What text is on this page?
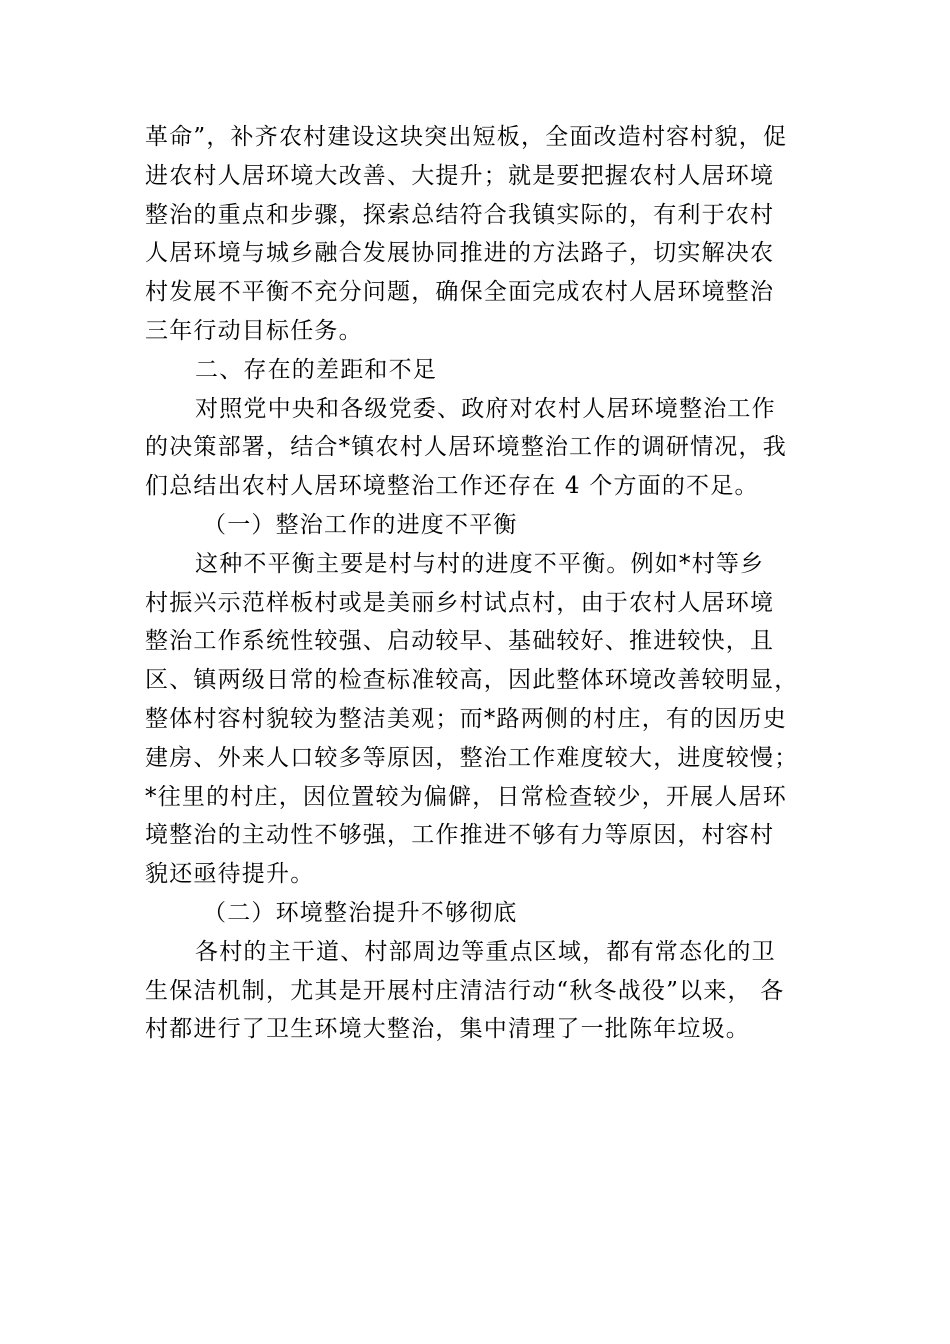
革命”，补齐农村建设这块突出短板，全面改造村容村貌，促
进农村人居环境大改善、大提升；就是要把握农村人居环境
整治的重点和步骤，探索总结符合我镇实际的，有利于农村
人居环境与城乡融合发展协同推进的方法路子，切实解决农
村发展不平衡不充分问题，确保全面完成农村人居环境整治
三年行动目标任务。
二、存在的差距和不足
对照党中央和各级党委、政府对农村人居环境整治工作
的决策部署，结合*镇农村人居环境整治工作的调研情况，我
们总结出农村人居环境整治工作还存在 4 个方面的不足。
（一）整治工作的进度不平衡
这种不平衡主要是村与村的进度不平衡。例如*村等乡
村振兴示范样板村或是美丽乡村试点村，由于农村人居环境
整治工作系统性较强、启动较早、基础较好、推进较快，且
区、镇两级日常的检查标准较高，因此整体环境改善较明显，
整体村容村貌较为整洁美观；而*路两侧的村庄，有的因历史
建房、外来人口较多等原因，整治工作难度较大，进度较慢；
*往里的村庄，因位置较为偏僻，日常检查较少，开展人居环
境整治的主动性不够强，工作推进不够有力等原因，村容村
貌还亟待提升。
（二）环境整治提升不够彻底
各村的主干道、村部周边等重点区域，都有常态化的卫
生保洁机制，尤其是开展村庄清洁行动“秋冬战役”以来， 各
村都进行了卫生环境大整治，集中清理了一批陈年垃圾。
